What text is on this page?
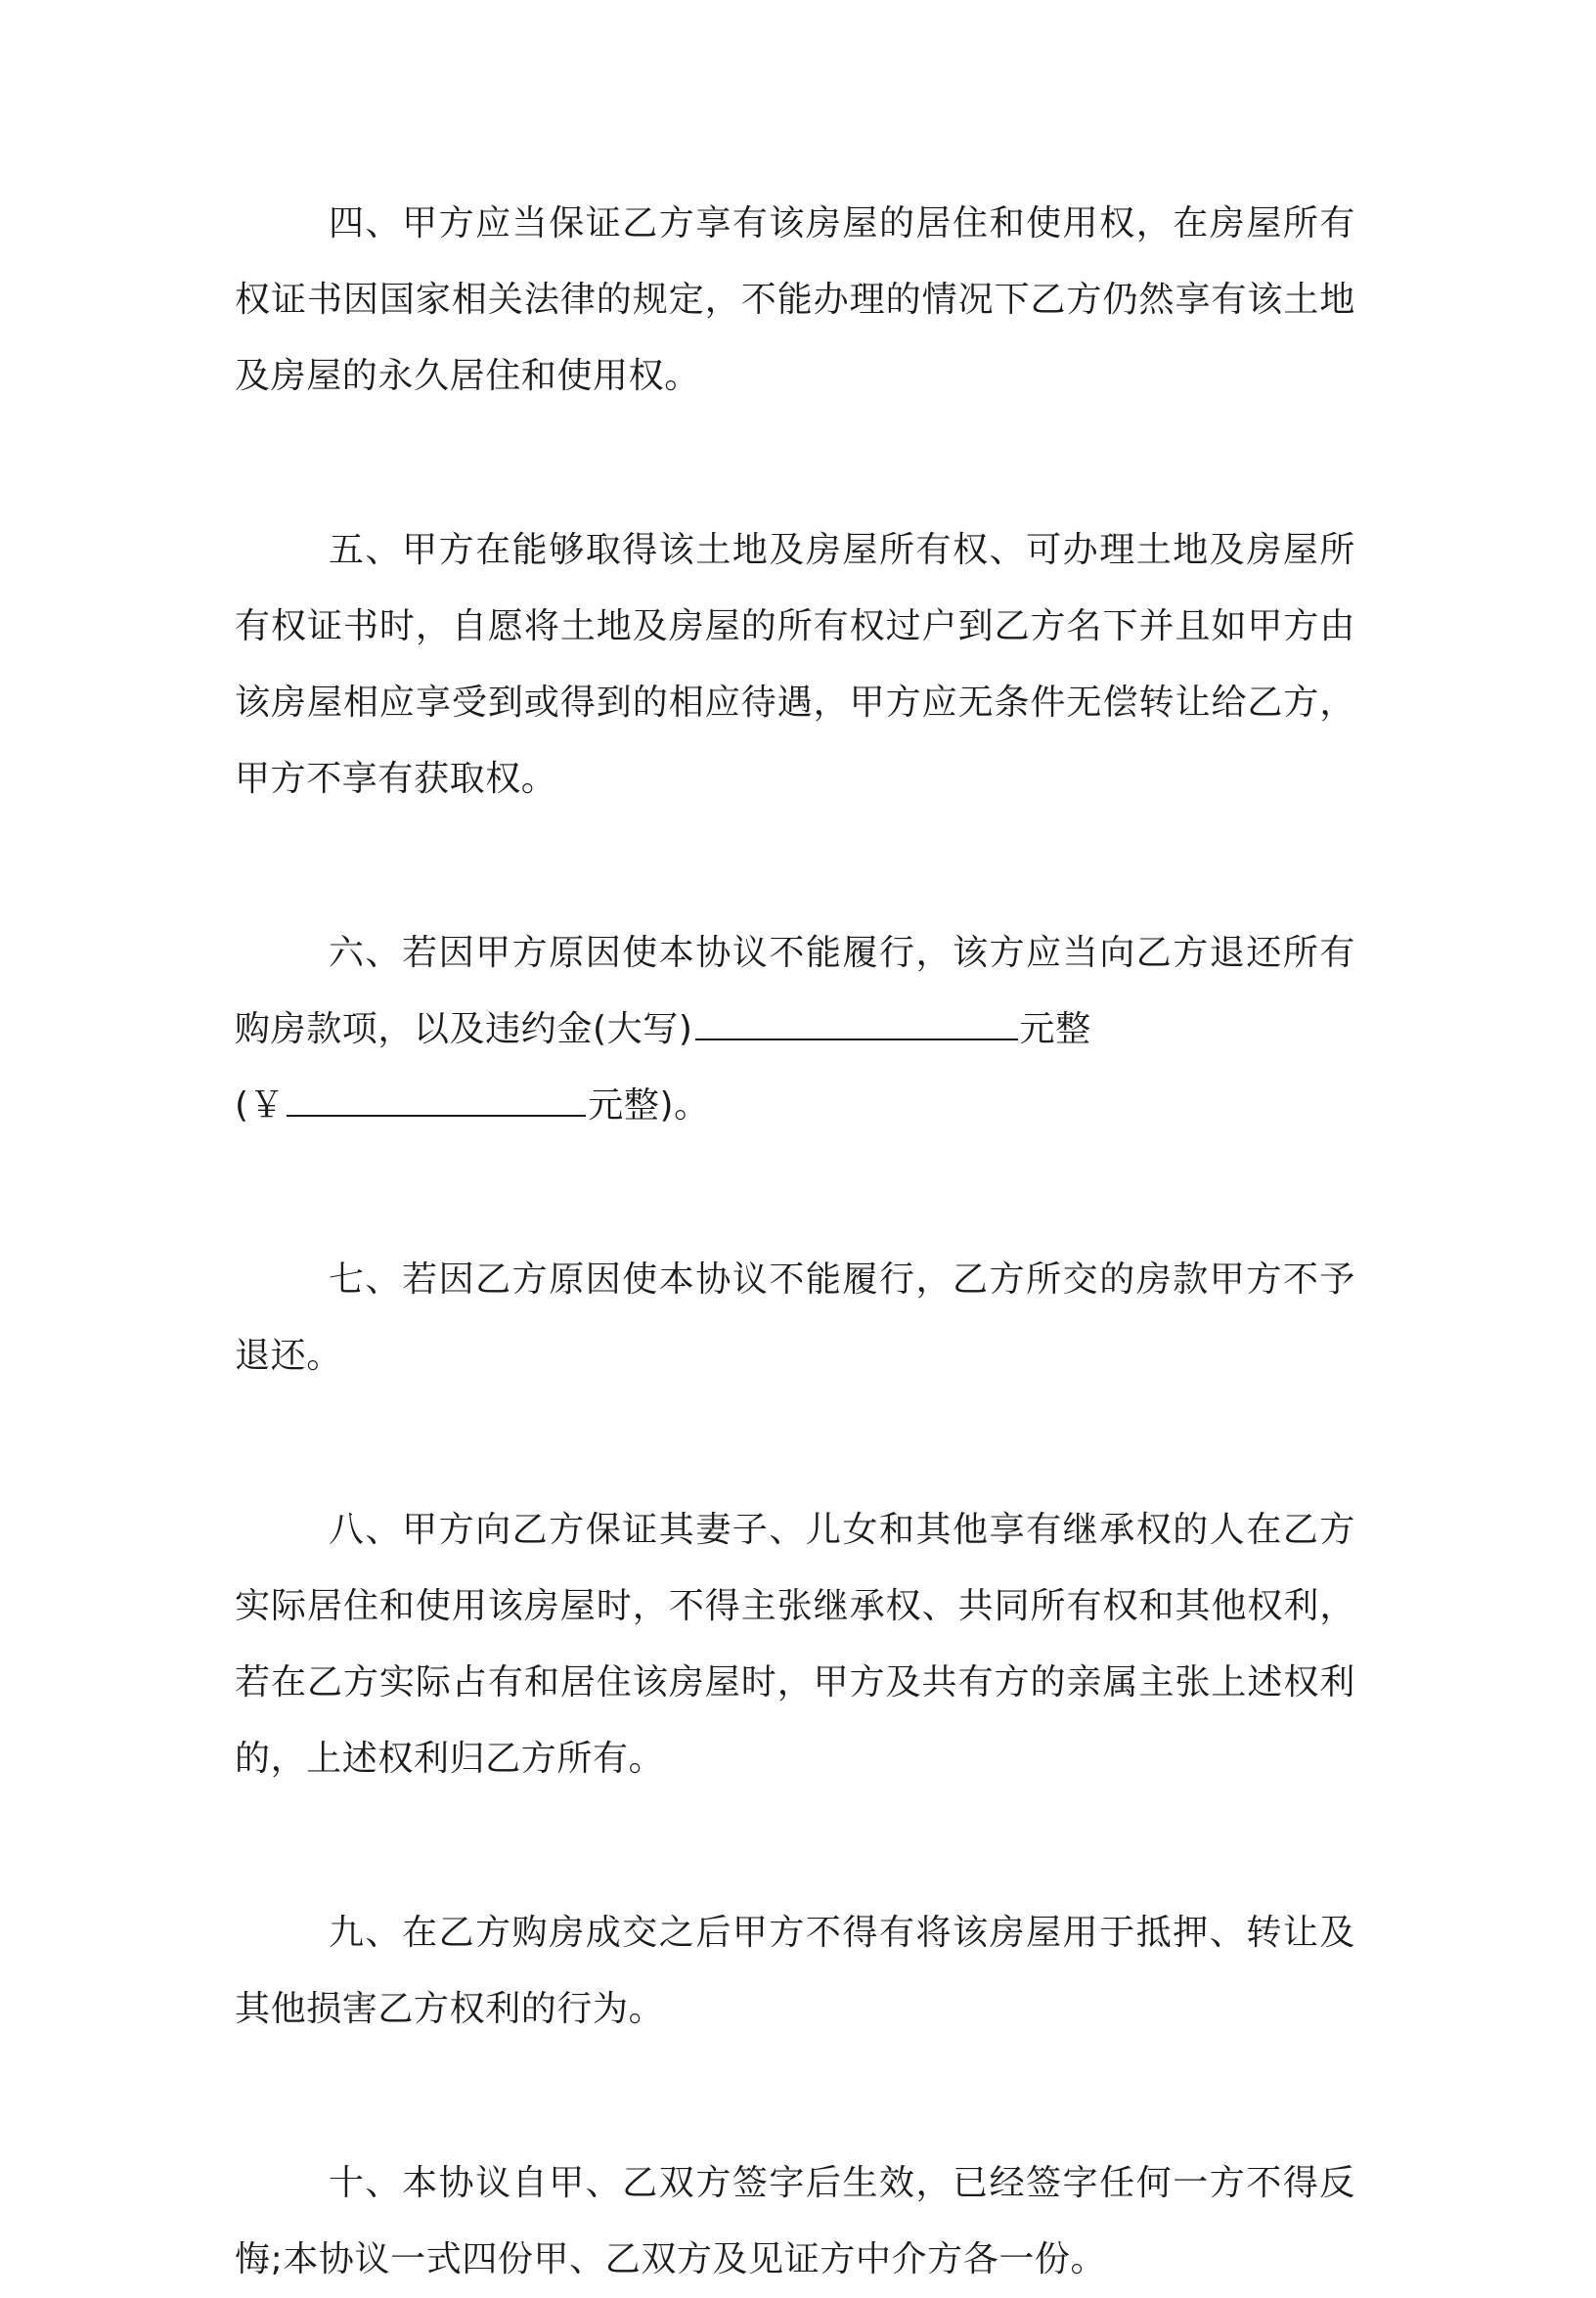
四、甲方应当保证乙方享有该房屋的居住和使用权，在房屋所有权证书因国家相关法律的规定，不能办理的情况下乙方仍然享有该土地及房屋的永久居住和使用权。

五、甲方在能够取得该土地及房屋所有权、可办理土地及房屋所有权证书时，自愿将土地及房屋的所有权过户到乙方名下并且如甲方由该房屋相应享受到或得到的相应待遇，甲方应无条件无偿转让给乙方，甲方不享有获取权。

六、若因甲方原因使本协议不能履行，该方应当向乙方退还所有购房款项，以及违约金(大写)	元整
(￥	元整)。

七、若因乙方原因使本协议不能履行，乙方所交的房款甲方不予退还。

八、甲方向乙方保证其妻子、儿女和其他享有继承权的人在乙方实际居住和使用该房屋时，不得主张继承权、共同所有权和其他权利，若在乙方实际占有和居住该房屋时，甲方及共有方的亲属主张上述权利的，上述权利归乙方所有。

九、在乙方购房成交之后甲方不得有将该房屋用于抵押、转让及其他损害乙方权利的行为。

十、本协议自甲、乙双方签字后生效，已经签字任何一方不得反悔;本协议一式四份甲、乙双方及见证方中介方各一份。
